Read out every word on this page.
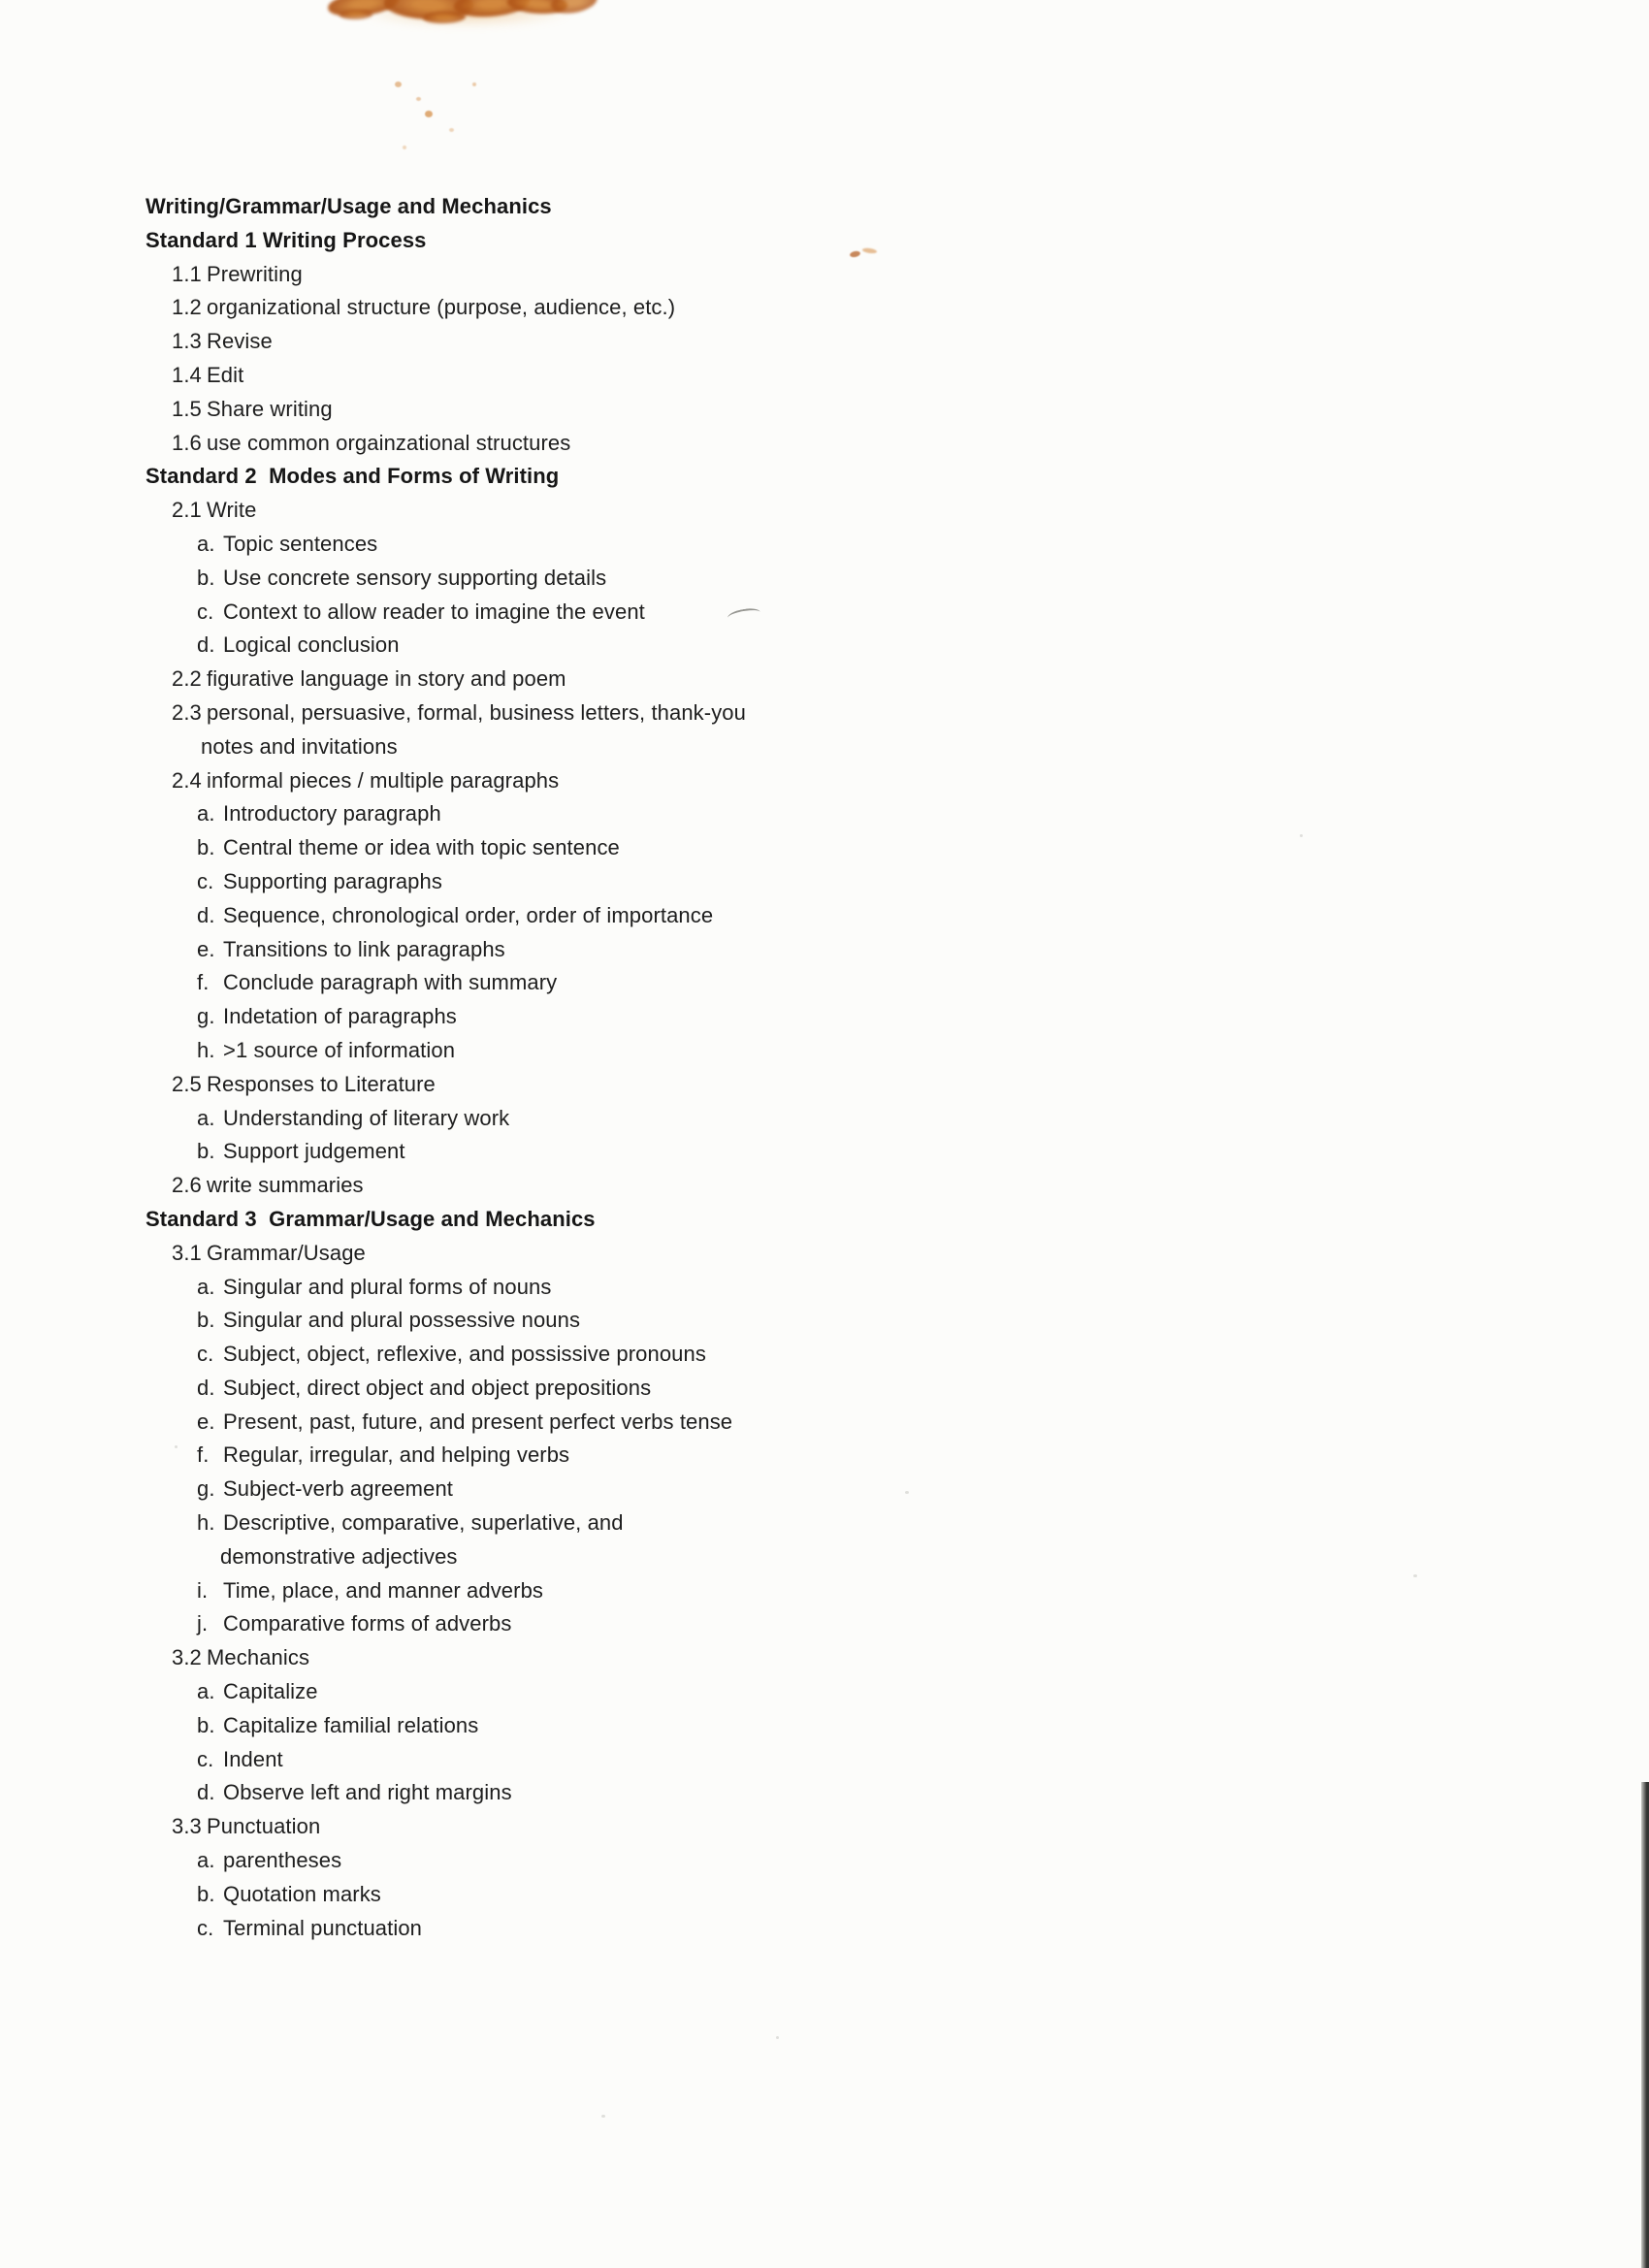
Writing/Grammar/Usage and Mechanics
Standard 1 Writing Process
1.1 Prewriting
1.2 organizational structure (purpose, audience, etc.)
1.3 Revise
1.4 Edit
1.5 Share writing
1.6 use common orgainzational structures
Standard 2  Modes and Forms of Writing
2.1 Write
a. Topic sentences
b. Use concrete sensory supporting details
c. Context to allow reader to imagine the event
d. Logical conclusion
2.2 figurative language in story and poem
2.3 personal, persuasive, formal, business letters, thank-you
notes and invitations
2.4 informal pieces / multiple paragraphs
a. Introductory paragraph
b. Central theme or idea with topic sentence
c. Supporting paragraphs
d. Sequence, chronological order, order of importance
e. Transitions to link paragraphs
f. Conclude paragraph with summary
g. Indetation of paragraphs
h. >1 source of information
2.5 Responses to Literature
a. Understanding of literary work
b. Support judgement
2.6 write summaries
Standard 3  Grammar/Usage and Mechanics
3.1 Grammar/Usage
a. Singular and plural forms of nouns
b. Singular and plural possessive nouns
c. Subject, object, reflexive, and possissive pronouns
d. Subject, direct object and object prepositions
e. Present, past, future, and present perfect verbs tense
f. Regular, irregular, and helping verbs
g. Subject-verb agreement
h. Descriptive, comparative, superlative, and
demonstrative adjectives
i. Time, place, and manner adverbs
j. Comparative forms of adverbs
3.2 Mechanics
a. Capitalize
b. Capitalize familial relations
c. Indent
d. Observe left and right margins
3.3 Punctuation
a. parentheses
b. Quotation marks
c. Terminal punctuation
